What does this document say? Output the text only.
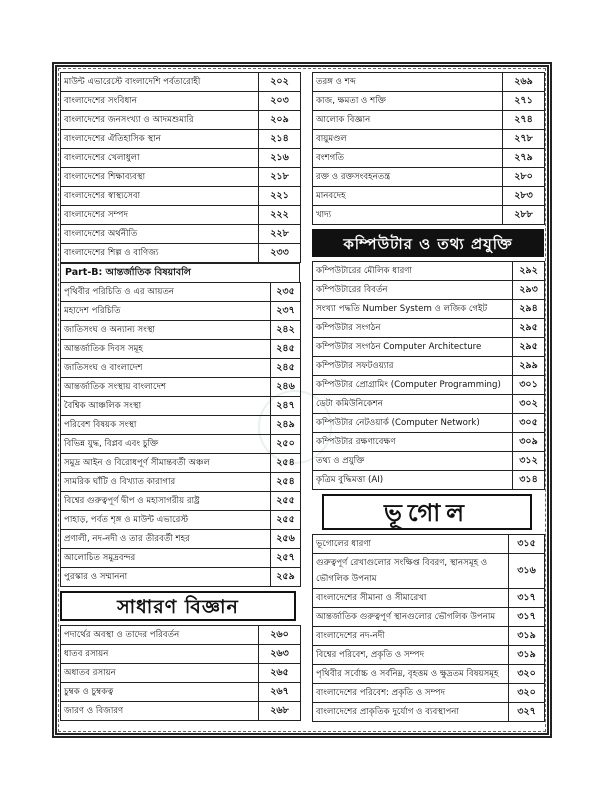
মাউন্ট এভারেস্টে বাংলাদেশি পর্বতারোহী	২০২
বাংলাদেশের সংবিধান	২০৩
বাংলাদেশের জনসংখ্যা ও আদমশুমারি	২০৯
বাংলাদেশের ঐতিহাসিক স্থান	২১৪
বাংলাদেশের খেলাধুলা	২১৬
বাংলাদেশের শিক্ষাব্যবস্থা	২১৮
বাংলাদেশের স্বাস্থ্যসেবা	২২১
বাংলাদেশের সম্পদ	২২২
বাংলাদেশের অর্থনীতি	২২৮
বাংলাদেশের শিল্প ও বাণিজ্য	২৩৩
Part-B: আন্তর্জাতিক বিষয়াবলি
পৃথিবীর পরিচিতি ও এর আয়তন	২৩৫
মহাদেশ পরিচিতি	২৩৭
জাতিসংঘ ও অন্যান্য সংস্থা	২৪২
আন্তর্জাতিক দিবস সমূহ	২৪৫
জাতিসংঘ ও বাংলাদেশ	২৪৫
আন্তর্জাতিক সংস্থায় বাংলাদেশ	২৪৬
বৈশ্বিক আঞ্চলিক সংস্থা	২৪৭
পরিবেশ বিষয়ক সংস্থা	২৪৯
বিভিন্ন যুদ্ধ, বিপ্লব এবং চুক্তি	২৫০
সমুদ্র আইন ও বিরোধপূর্ণ সীমান্তবর্তী অঞ্চল	২৫৪
সামরিক ঘাঁটি ও বিখ্যাত কারাগার	২৫৪
বিশ্বের গুরুত্বপূর্ণ দ্বীপ ও মহাসাগরীয় রাষ্ট্র	২৫৫
পাহাড়, পর্বত শৃঙ্গ ও মাউন্ট এভারেস্ট	২৫৫
প্রণালী, নদ-নদী ও তার তীরবর্তী শহর	২৫৬
আলোচিত সমুদ্রবন্দর	২৫৭
পুরস্কার ও সম্মাননা	২৫৯
সাধারণ বিজ্ঞান
পদার্থের অবস্থা ও তাদের পরিবর্তন	২৬০
ধাতব রসায়ন	২৬৩
অধাতব রসায়ন	২৬৫
চুম্বক ও চুম্বকত্ব	২৬৭
জারণ ও বিজারণ	২৬৮
তরঙ্গ ও শব্দ	২৬৯
কাজ, ক্ষমতা ও শক্তি	২৭১
আলোক বিজ্ঞান	২৭৪
বায়ুমণ্ডল	২৭৮
বংশগতি	২৭৯
রক্ত ও রক্তসংবহনতন্ত্র	২৮০
মানবদেহ	২৮৩
খাদ্য	২৮৮
কম্পিউটার ও তথ্য প্রযুক্তি
কম্পিউটারের মৌলিক ধারণা	২৯২
কম্পিউটারের বিবর্তন	২৯৩
সংখ্যা পদ্ধতি Number System ও লজিক গেইট	২৯৪
কম্পিউটার সংগঠন	২৯৫
কম্পিউটার সংগঠন Computer Architecture	২৯৫
কম্পিউটার সফটওয়্যার	২৯৯
কম্পিউটার প্রোগ্রামিং (Computer Programming)	৩০১
ডেটা কমিউনিকেশন	৩০২
কম্পিউটার নেটওয়ার্ক (Computer Network)	৩০৫
কম্পিউটার রক্ষণাবেক্ষণ	৩০৯
তথ্য ও প্রযুক্তি	৩১২
কৃত্রিম বুদ্ধিমত্তা (AI)	৩১৪
ভূগোল
ভূগোলের ধারণা	৩১৫
গুরুত্বপূর্ণ রেখাগুলোর সংক্ষিপ্ত বিবরণ, স্থানসমূহ ও ভৌগলিক উপনাম	৩১৬
বাংলাদেশের সীমানা ও সীমারেখা	৩১৭
আন্তর্জাতিক গুরুত্বপূর্ণ স্থানগুলোর ভৌগলিক উপনাম	৩১৭
বাংলাদেশের নদ-নদী	৩১৯
বিশ্বের পরিবেশ, প্রকৃতি ও সম্পদ	৩১৯
পৃথিবীর সর্বোচ্চ ও সর্বনিম্ন, বৃহত্তম ও ক্ষুদ্রতম বিষয়সমূহ	৩২০
বাংলাদেশের পরিবেশ: প্রকৃতি ও সম্পদ	৩২০
বাংলাদেশের প্রাকৃতিক দুর্যোগ ও ব্যবস্থাপনা	৩২৭
